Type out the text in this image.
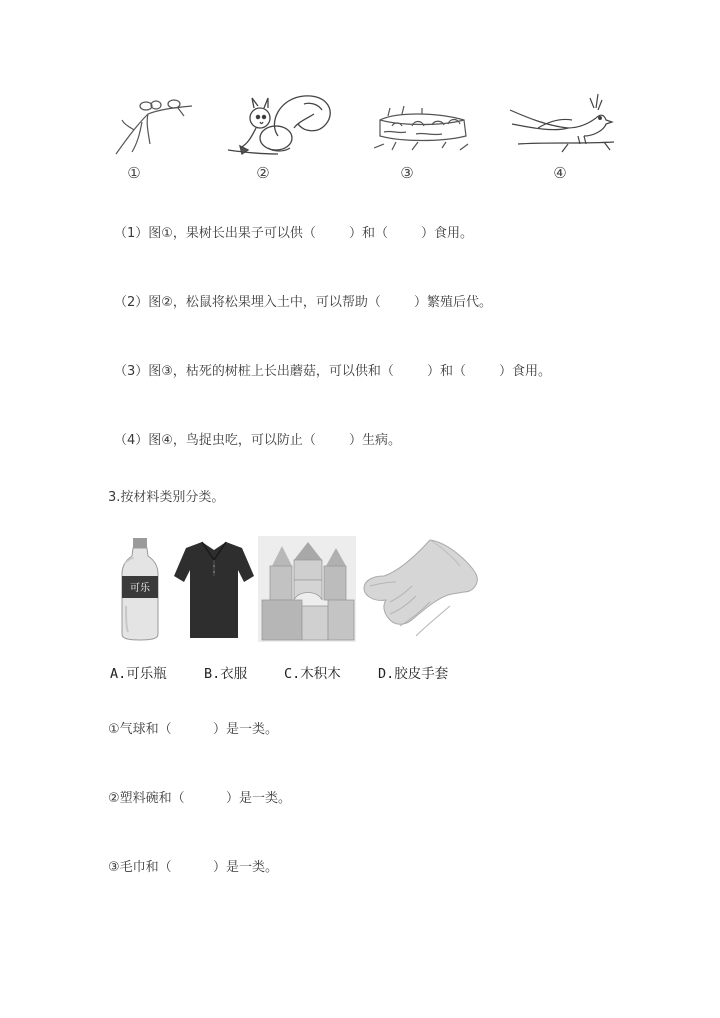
①	②	③	④
（1）图①，果树长出果子可以供（        ）和（        ）食用。
（2）图②，松鼠将松果埋入土中，可以帮助（        ）繁殖后代。
（3）图③，枯死的树桩上长出蘑菇，可以供和（        ）和（        ）食用。
（4）图④，鸟捉虫吃，可以防止（        ）生病。
3.按材料类别分类。
可乐
A.可乐瓶	B.衣服	C.木积木	D.胶皮手套
①气球和（          ）是一类。
②塑料碗和（          ）是一类。
③毛巾和（          ）是一类。
